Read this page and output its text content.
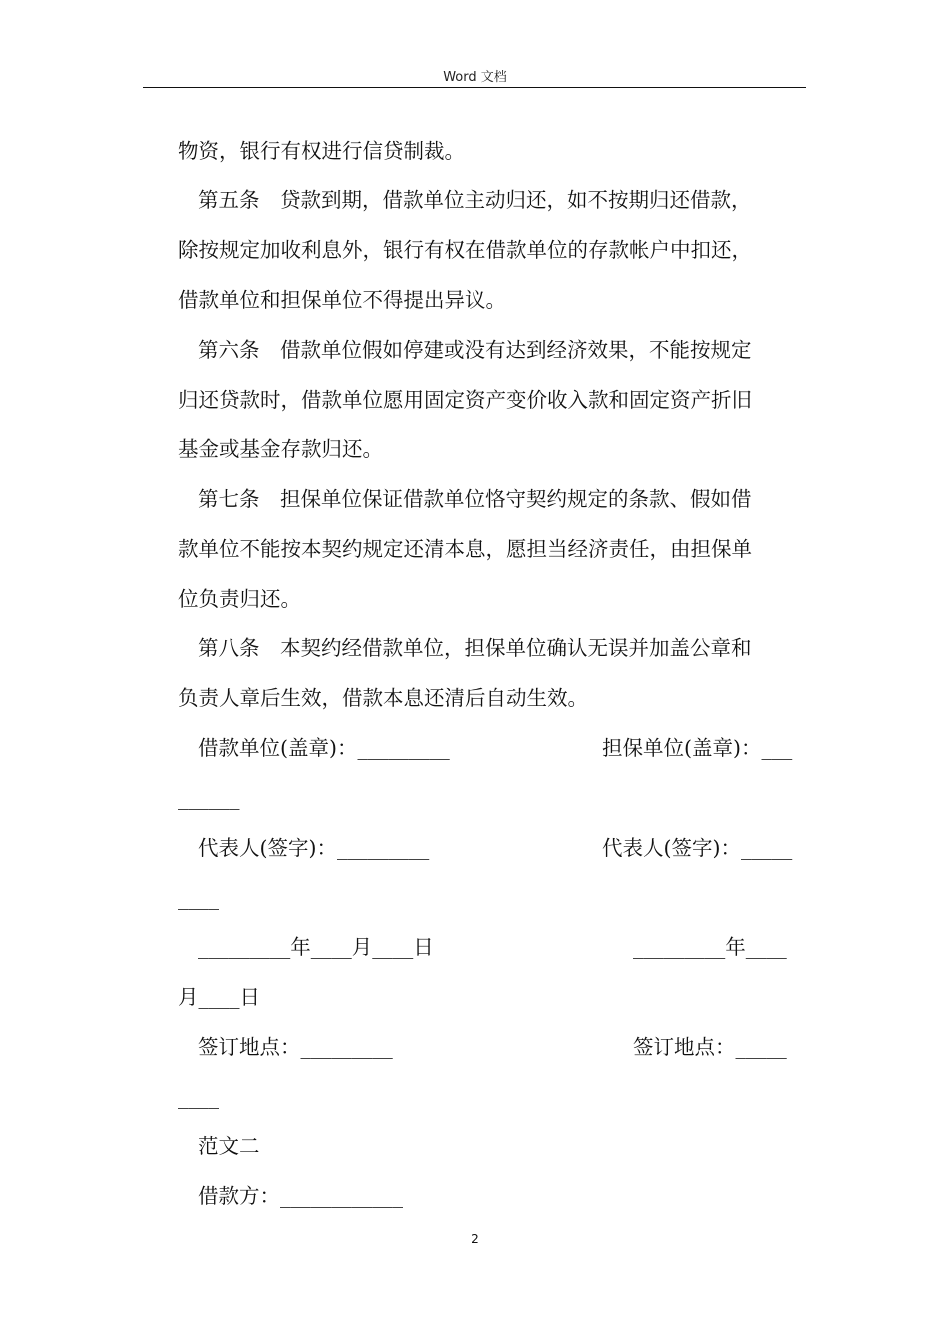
Word 文档
物资，银行有权进行信贷制裁。
第五条　贷款到期，借款单位主动归还，如不按期归还借款，
除按规定加收利息外，银行有权在借款单位的存款帐户中扣还，
借款单位和担保单位不得提出异议。
第六条　借款单位假如停建或没有达到经济效果，不能按规定
归还贷款时，借款单位愿用固定资产变价收入款和固定资产折旧
基金或基金存款归还。
第七条　担保单位保证借款单位恪守契约规定的条款、假如借
款单位不能按本契约规定还清本息，愿担当经济责任，由担保单
位负责归还。
第八条　本契约经借款单位，担保单位确认无误并加盖公章和
负责人章后生效，借款本息还清后自动生效。
借款单位(盖章)：_________	担保单位(盖章)：___
______
代表人(签字)：_________	代表人(签字)：_____
____
_________年____月____日	_________年____
月____日
签订地点：_________	签订地点：_____
____
范文二
借款方：____________
2
